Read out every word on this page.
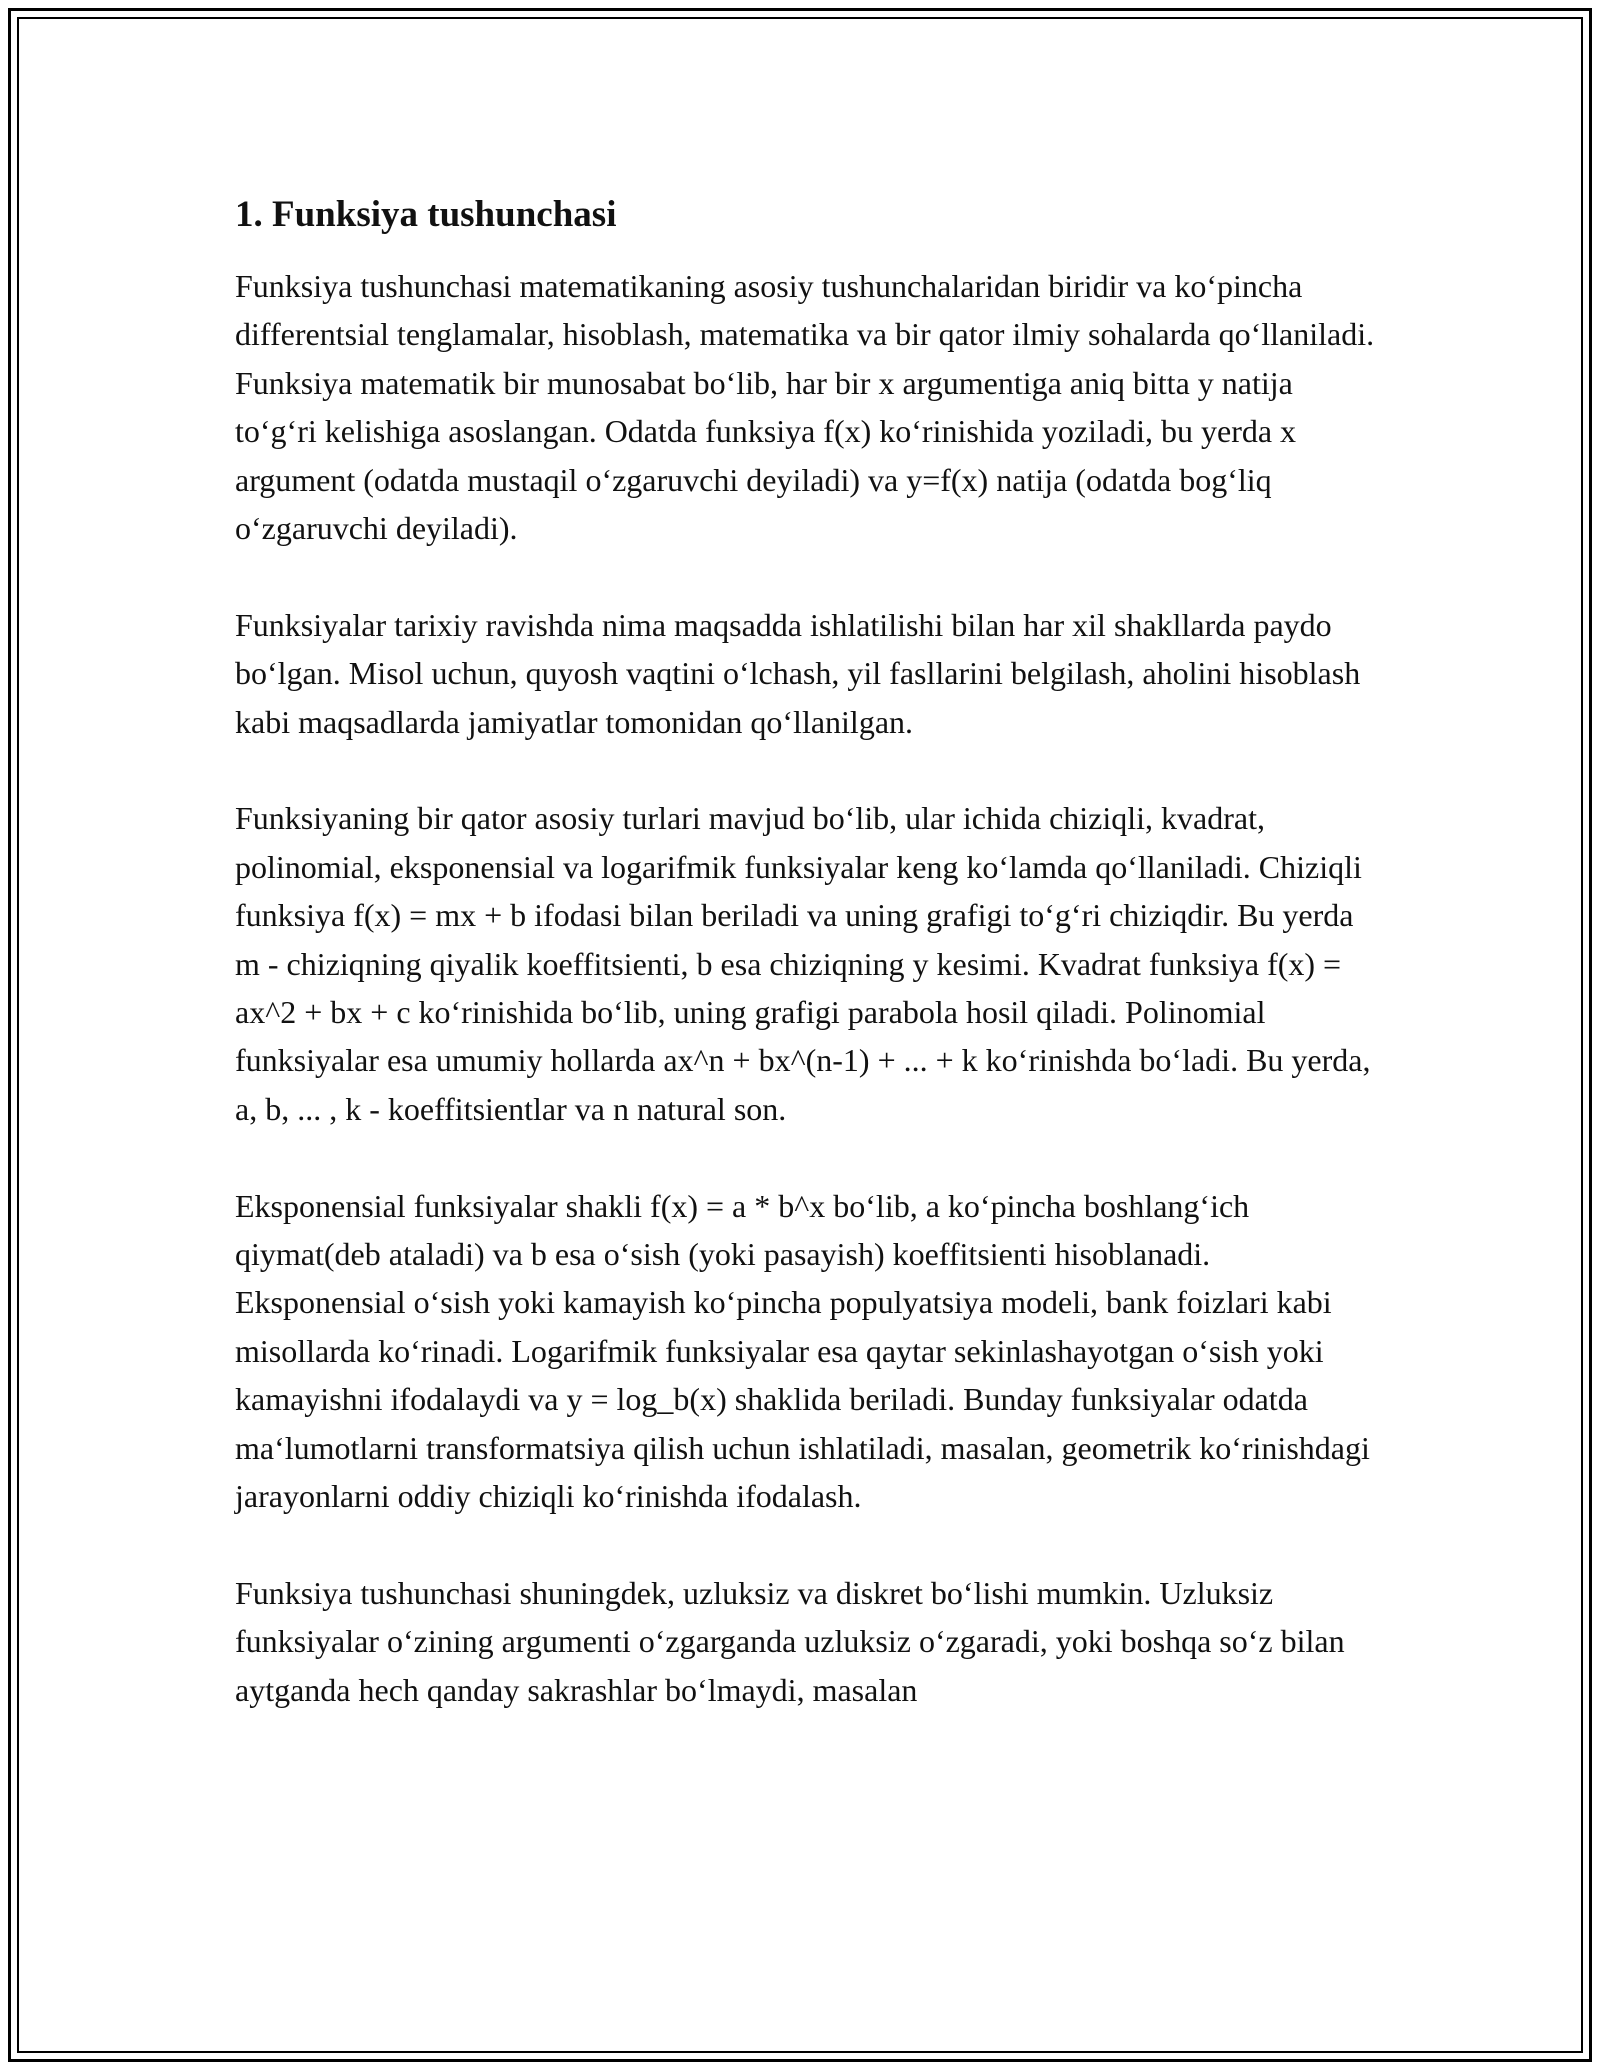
1. Funksiya tushunchasi

Funksiya tushunchasi matematikaning asosiy tushunchalaridan biridir va koʻpincha differentsial tenglamalar, hisoblash, matematika va bir qator ilmiy sohalarda qoʻllaniladi. Funksiya matematik bir munosabat boʻlib, har bir x argumentiga aniq bitta y natija toʻgʻri kelishiga asoslangan. Odatda funksiya f(x) koʻrinishida yoziladi, bu yerda x argument (odatda mustaqil oʻzgaruvchi deyiladi) va y=f(x) natija (odatda bogʻliq oʻzgaruvchi deyiladi).

Funksiyalar tarixiy ravishda nima maqsadda ishlatilishi bilan har xil shakllarda paydo boʻlgan. Misol uchun, quyosh vaqtini oʻlchash, yil fasllarini belgilash, aholini hisoblash kabi maqsadlarda jamiyatlar tomonidan qoʻllanilgan.

Funksiyaning bir qator asosiy turlari mavjud boʻlib, ular ichida chiziqli, kvadrat, polinomial, eksponensial va logarifmik funksiyalar keng koʻlamda qoʻllaniladi. Chiziqli funksiya f(x) = mx + b ifodasi bilan beriladi va uning grafigi toʻgʻri chiziqdir. Bu yerda m - chiziqning qiyalik koeffitsienti, b esa chiziqning y kesimi. Kvadrat funksiya f(x) = ax^2 + bx + c koʻrinishida boʻlib, uning grafigi parabola hosil qiladi. Polinomial funksiyalar esa umumiy hollarda ax^n + bx^(n-1) + ... + k koʻrinishda boʻladi. Bu yerda, a, b, ... , k - koeffitsientlar va n natural son.

Eksponensial funksiyalar shakli f(x) = a * b^x boʻlib, a koʻpincha boshlangʻich qiymat(deb ataladi) va b esa oʻsish (yoki pasayish) koeffitsienti hisoblanadi. Eksponensial oʻsish yoki kamayish koʻpincha populyatsiya modeli, bank foizlari kabi misollarda koʻrinadi. Logarifmik funksiyalar esa qaytar sekinlashayotgan oʻsish yoki kamayishni ifodalaydi va y = log_b(x) shaklida beriladi. Bunday funksiyalar odatda maʻlumotlarni transformatsiya qilish uchun ishlatiladi, masalan, geometrik koʻrinishdagi jarayonlarni oddiy chiziqli koʻrinishda ifodalash.

Funksiya tushunchasi shuningdek, uzluksiz va diskret boʻlishi mumkin. Uzluksiz funksiyalar oʻzining argumenti oʻzgarganda uzluksiz oʻzgaradi, yoki boshqa soʻz bilan aytganda hech qanday sakrashlar boʻlmaydi, masalan
